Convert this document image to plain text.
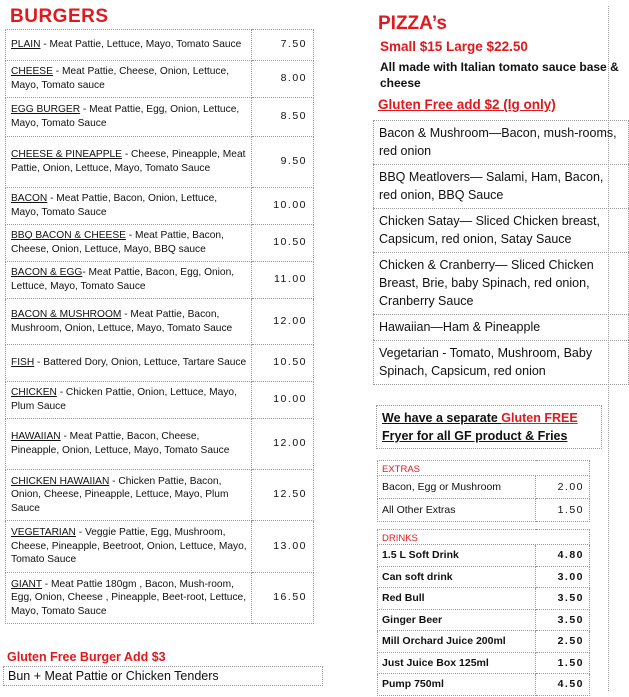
BURGERS
PLAIN - Meat Pattie, Lettuce, Mayo, Tomato Sauce	7.50
CHEESE - Meat Pattie, Cheese, Onion, Lettuce, Mayo, Tomato sauce	8.00
EGG BURGER - Meat Pattie, Egg, Onion, Lettuce, Mayo, Tomato Sauce	8.50
CHEESE & PINEAPPLE - Cheese, Pineapple, Meat Pattie, Onion, Lettuce, Mayo, Tomato Sauce	9.50
BACON - Meat Pattie, Bacon, Onion, Lettuce, Mayo, Tomato Sauce	10.00
BBQ BACON & CHEESE - Meat Pattie, Bacon, Cheese, Onion, Lettuce, Mayo, BBQ sauce	10.50
BACON & EGG- Meat Pattie, Bacon, Egg, Onion, Lettuce, Mayo, Tomato Sauce	11.00
BACON & MUSHROOM - Meat Pattie, Bacon, Mushroom, Onion, Lettuce, Mayo, Tomato Sauce	12.00
FISH - Battered Dory, Onion, Lettuce, Tartare Sauce	10.50
CHICKEN - Chicken Pattie, Onion, Lettuce, Mayo, Plum Sauce	10.00
HAWAIIAN - Meat Pattie, Bacon, Cheese, Pineapple, Onion, Lettuce, Mayo, Tomato Sauce	12.00
CHICKEN HAWAIIAN - Chicken Pattie, Bacon, Onion, Cheese, Pineapple, Lettuce, Mayo, Plum Sauce	12.50
VEGETARIAN - Veggie Pattie, Egg, Mushroom, Cheese, Pineapple, Beetroot, Onion, Lettuce, Mayo, Tomato Sauce	13.00
GIANT - Meat Pattie 180gm , Bacon, Mush-room, Egg, Onion, Cheese , Pineapple, Beet-root, Lettuce, Mayo, Tomato Sauce	16.50
Gluten Free Burger Add $3
Bun + Meat Pattie or Chicken Tenders
PIZZA’s
Small $15 Large $22.50
All made with Italian tomato sauce base & cheese
Gluten Free add $2 (lg only)
Bacon & Mushroom—Bacon, mush-rooms, red onion
BBQ Meatlovers— Salami, Ham, Bacon, red onion, BBQ Sauce
Chicken Satay— Sliced Chicken breast, Capsicum, red onion, Satay Sauce
Chicken & Cranberry— Sliced Chicken Breast, Brie, baby Spinach, red onion, Cranberry Sauce
Hawaiian—Ham & Pineapple
Vegetarian - Tomato, Mushroom, Baby Spinach, Capsicum, red onion
We have a separate Gluten FREE
Fryer for all GF product & Fries
EXTRAS	
Bacon, Egg or Mushroom	2.00
All Other Extras	1.50
DRINKS	
1.5 L Soft Drink	4.80
Can soft drink	3.00
Red Bull	3.50
Ginger Beer	3.50
Mill Orchard Juice 200ml	2.50
Just Juice Box 125ml	1.50
Pump 750ml	4.50
